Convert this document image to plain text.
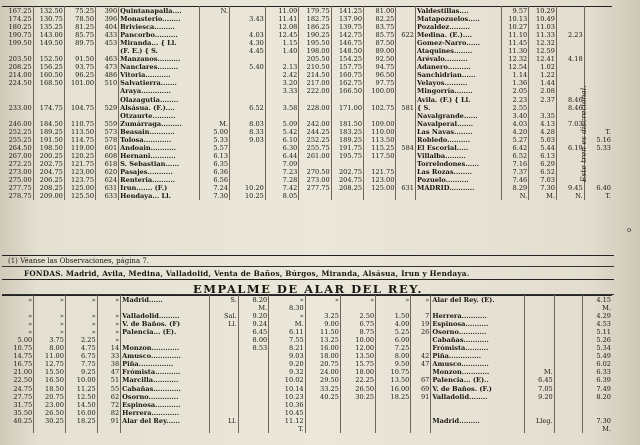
167.25	132.50	75.25	390	Quintanapalla....	N.		11.09	179.75	141.25	81.00		Valdestillas....	9.57	10.29		
174.25	130.75	78.50	396	Monasterio........		3.43	11.41	182.75	137.90	82.25		Matapozuelos.....	10.13	10.49		
180.25	135.25	81.25	404	Briviesca.........			12.08	186.25	139.75	83.75		Pozaldez.........	10.27	11.03		
190.75	143.00	85.75	433	Pancorbo..........		4.03	12.45	190.25	142.75	85.75	622	Medina. (E.)....	11.10	11.33	2.23	
199.50	149.50	89.75	453	Miranda... { Ll.		4.30	1.15	195.50	146.75	87.50		Gomez-Narro......	11.45	12.32		
				(F. E.) { S.		4.45	1.40	198.00	148.50	89.00		Ataquines........	11.30	12.59		
203.50	152.50	91.50	463	Manzanos..........				205.50	154.25	92.50		Arévalo..........	12.32	12.41	4.18	
208.25	156.25	93.75	473	Nanclares.........		5.40	2.13	210.50	157.75	94.75		Adanero..........	12.54	1.02		
214.00	160.50	96.25	486	Vitoria...........			2.42	214.50	160.75	96.50		Sanchidrian......	1.14	1.22		
224.50	168.50	101.00	510	Salvatierra.......			3.20	217.00	162.75	97.75		Velayos..........	1.36	1.44		
				Araya.............			3.33	222.00	166.50	100.00		Mingorría........	2.05	2.08		
				Olazagutia........								Avila. (F.) { Ll.	2.23	2.37	8.46	
233.00	174.75	104.75	529	Alsásua. (F.)....		6.52	3.58	228.00	171.00	102.75	581	{ S.	2.55		8.46	
				Otzaurte..........								Navalgrande......	3.40	3.35		
246.00	184.50	110.75	559	Zumárraga.........	M.	8.03	5.09	242.00	181.50	109.00		Navalperal.......	4.03	4.13	7.03	
252.25	189.25	113.50	573	Beasain...........	5.00	8.33	5.42	244.25	183.25	110.00		Las Navas........	4.20	4.28		T.
255.25	191.50	114.75	578	Tolosa............	5.33	9.03	6.10	252.25	189.25	113.50		Robledo..........	5.27	5.03		5.16
264.50	198.50	119.00	601	Andoain...........	5.57		6.30	255.75	191.75	115.25	584	El Escorial.....	6.42	5.44	6.19	5.33
267.00	200.25	120.25	608	Hernani...........	6.13		6.44	261.00	195.75	117.50		Villalba.........	6.52	6.13		
272.25	202.75	121.75	618	S. Sebastian......	6.35		7.09					Torrelodones......	7.16	6.29		
273.00	204.75	123.00	620	Pasajes...........	6.36		7.23	270.50	202.75	121.75		Las Rozas........	7.37	6.52		
275.00	206.25	123.75	624	Renteria..........	6.56		7.28	273.00	204.75	123.00		Pozuelo..........	7.46	7.03		
277.75	208.25	125.00	631	Irun....... (F.)	7.24	10.20	7.42	277.75	208.25	125.00	631	MADRID...........	8.29	7.30	9.45	6.40
278.75	209.00	125.50	633	Hendaya... Ll.	7.30	10.25	8.05						N.	M.	N.	T.
Este tren es discrecional.
(1) Véanse las Observaciones, página 7.
FONDAS. Madrid, Avila, Medina, Valladolid, Venta de Baños, Búrgos, Miranda, Alsásua, Irun y Hendaya.
EMPALME DE ALAR DEL REY.
»	»	»	»	Madrid......	S.	8.20	»	»	»	»	»	Alar del Rey. (E).			4.15
						M.	8.30								M.
»	»	»	»	Valladolid.........	Sal.	9.20	»	3.25	2.50	1.50	7	Herrera...........			4.29
»	»	»	»	V. de Baños. (F)	Ll.	9.24	M.	9.00	6.75	4.00	19	Espinosa..........			4.53
»	»	»	»	Palencia... (E).		6.45	6.11	11.50	8.75	5.25	26	Osorno............			5.11
5.00	3.75	2.25	»			8.00	7.55	13.25	10.00	6.00		Cabañas...........			5.26
10.75	8.00	4.75	14	Monzon............		8.53	8.21	16.00	12.00	7.25		Frómista..........			5.34
14.75	11.00	6.75	33	Amusco.............			9.03	18.00	13.50	8.00	42	Piña..............			5.49
16.75	12.75	7.75	38	Piña...............			9.20	20.75	15.75	9.50	47	Amusco............			6.02
21.00	15.50	9.25	47	Frómista...........			9.32	24.00	18.00	10.75		Monzon............	M.		6.33
22.50	16.50	10.00	51	Marcilla...........			10.02	29.50	22.25	13.50	67	Palencia... (E)..	6.45		6.39
24.75	18.50	11.25	55	Cabañas............			10.14	33.25	26.50	16.00	69	V. de Baños. (F.)	7.05		7.49
27.75	20.75	12.50	62	Osorno.............			10.23	40.25	30.25	18.25	91	Valladolid........	9.20		8.20
31.75	23.00	14.50	72	Espinosa...........			10.36								
35.50	26.50	16.00	82	Herrera............			10.45								
40.25	30.25	18.25	91	Alar del Rey......	Ll.		11.12					Madrid.........	Lleg.		7.30
							T.								M.
o
